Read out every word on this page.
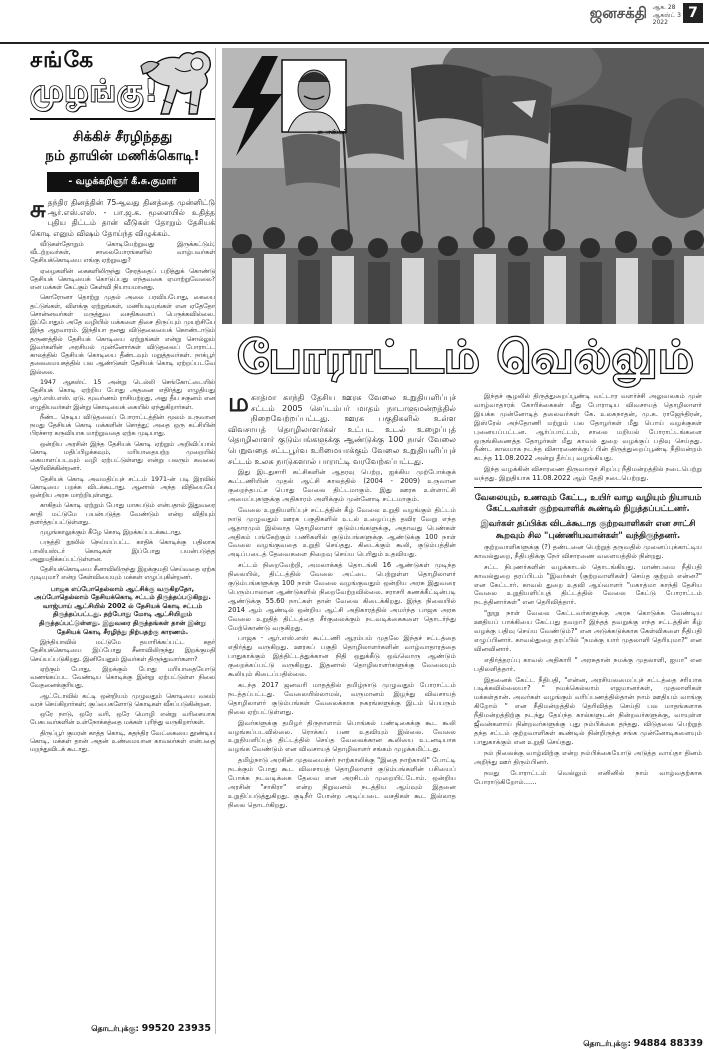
ஜனசக்தி ஆக. 28
ஆகஸ்ட் 3
2022
7
சங்கே
முழங்கு!
சிக்கிச் சீரழிந்தது
நம் தாயின் மணிக்கொடி!
- வழக்கறிஞர் கீ.சு.குமார்

சுதந்திர தினத்தின் 75ஆவது தினத்தை முன்னிட்டு ஆர்.எஸ்.எஸ். - பா.ஜ.க. மூளையில் உதித்த புதிய திட்டம் தான் வீடுகள் தோறும் தேசியக் கொடி எனும் விஷம் தோய்ந்த விழுக்கம்.

வீடுகள்தோறும் கொடியேற்றுவது இருக்கட்டும்; வீடற்றவர்கள், சாலையோரங்களில் வாழ்பவர்கள் தேசியக்கொடியை எங்கு ஏற்றுவது?

ஏழைகளின் கைகளிலிருந்து நேரத்தைப் பறித்துக் கொண்டு தேசியக் கொடியைக் கொடுப்பது எந்தவகை ஏமாற்றுவேலை? என மக்கள் கேட்கும் கேள்வி நியாயமானது.

கொரோனா தொற்று முதல் அலை பரவியபோது, கையை தட்டுங்கள், விளக்கு ஏற்றுங்கள், மணியடியுங்கள் என ஏதேதோ சொன்னவர்கள் மருத்துவ வசதிகளைப் பெருக்கவில்லை. இப்போதும் அதே வழியில் மக்களை திசை திருப்பும் முயற்சியே இந்த ஆரவாரம். இந்தியா தனது விடுதலையைக் கொண்டாடும் தருணத்தில் தேசியக் கொடியை ஏற்றுங்கள் என்று சொல்லும் இவர்களின் அரசியல் முன்னோர்கள் விடுதலைப் போராட்ட காலத்தில் தேசியக் கொடியை தீண்டவும் மறுத்தவர்கள். நாக்பூர் தலைமையகத்தில் பல ஆண்டுகள் தேசியக் கொடி ஏற்றப்படவே இல்லை.

1947 ஆகஸ்ட் 15 அன்று டெல்லி செங்கோட்டையில் தேசியக் கொடி ஏற்றிய போது அதனை எதிர்த்து எழுதியது ஆர்.எஸ்.எஸ். ஏடு. மூவர்ணம் ராசியற்றது, அது தீய சகுனம் என எழுதியவர்கள் இன்று கொடியைக் கையில் ஏந்துகிறார்கள்.

நீண்ட நெடிய விடுதலைப் போராட்டத்தின் மூலம் உருவான நமது தேசியக் கொடி மக்களின் சொத்து; அதை ஒரு கட்சியின் பிரச்சார கருவியாக மாற்றுவதை ஏற்க முடியாது.

ஒன்றிய அரசின் இந்த தேசியக் கொடி ஏற்றும் அறிவிப்பால் கொடி மதிப்பிழக்கவும், மரியாதையற்ற முறையில் கையாளப்படவும் வழி ஏற்பட்டுள்ளது என்று பலரும் கவலை தெரிவிக்கின்றனர்.

தேசியக் கொடி அவமதிப்புச் சட்டம் 1971-ன் படி இரவில் கொடியை பறக்க விடக்கூடாது. ஆனால் அந்த விதியையே ஒன்றிய அரசு மாற்றியுள்ளது.

காகிதம் கொடி ஏற்றும் போது மாசுபடும் என்பதால் இதுவரை காதி மட்டுமே பயன்படுத்த வேண்டும் என்ற விதியும் தளர்த்தப்பட்டுள்ளது.

முழங்காலுக்கும் கீழே கொடி இறக்கப்படக்கூடாது.

பருத்தி நூலில் நெய்யப்பட்ட காதிக் கொடிக்கு பதிலாக பாலியஸ்டர் கொடிகள் இப்போது பயன்படுத்த அனுமதிக்கப்பட்டுள்ளன.

தேசியக்கொடியை சீனாவிலிருந்து இறக்குமதி செய்வதை ஏற்க முடியுமா? என்ற கேள்வியையும் மக்கள் எழுப்புகின்றனர்.

பாஜக எப்போதெல்லாம் ஆட்சிக்கு வருகிறதோ, அப்போதெல்லாம் தேசியக்கொடி சட்டம் திருத்தப்படுகிறது. வாஜ்பாய் ஆட்சியில் 2002 ல் தேசியக் கொடி சட்டம் திருத்தப்பட்டது. தற்போது மோடி ஆட்சியிலும் திருத்தப்பட்டுள்ளது. இதுவரை திருத்தங்கள் தான் இன்று தேசியக் கொடி சீரழிந்து நிற்பதற்கு காரணம்.

இந்தியாவில் மட்டுமே தயாரிக்கப்பட்ட கதர் தேசியக்கொடியை இப்போது சீனாவிலிருந்து இறக்குமதி செய்யப்படுகிறது. இனியேனும் இவர்கள் திருந்துவார்களா?

ஏற்கும் போது, இறக்கும் போது மரியாதையோடு வணங்கப்பட வேண்டிய கொடிக்கு இன்று ஏற்பட்டுள்ள நிலை வேதனைக்குரியது.

ஆட்டோவில் கட்டி ஒன்றியம் முழுவதும் கொடியை வலம் வரச் செய்கிறார்கள்; குப்பைகளோடு கொடிகள் வீசப்படுகின்றன.

ஒரே நாடு, ஒரே வரி, ஒரே மொழி என்று வரிசையாக பேசுபவர்களின் உள்நோக்கத்தை மக்கள் புரிந்து வருகிறார்கள்.

திருப்பூர் குமரன் காத்த கொடி, சுதந்திர வேட்கையை தூண்டிய கொடி, மக்கள் தான் அதன் உண்மையான காவலர்கள் என்பதை மறந்துவிடக் கூடாது.

தொடர்புக்கு: 99520 23935
- சுபாஸ்கர்
போராட்டம் வெல்லும்

மகாத்மா காந்தி தேசிய ஊரக வேலை உறுதியளிப்புச் சட்டம் 2005 செப்டம்பர் மாதம் நாடாளுமன்றத்தில் நிறைவேற்றப்பட்டது. ஊரக பகுதிகளில் உள்ள விவசாயத் தொழிலாளர்கள் உட்பட உடல் உழைப்புத் தொழிலாளர் குடும்பங்களுக்கு ஆண்டுக்கு 100 நாள் வேலை பெறுவதை சட்டபூர்வ உரிமையாக்கும் வேலை உறுதியளிப்புச் சட்டம் உலக நாடுகளால் பாராட்டி வரவேற்கப்பட்டது.

இது இடதுசாரி கட்சிகளின் ஆதரவு பெற்ற, ஐக்கிய முற்போக்குக் கூட்டணியின் முதல் ஆட்சி காலத்தில் (2004 - 2009) உருவான குறைந்தபட்ச பொது வேலை திட்டமாகும். இது ஊரக உள்ளாட்சி அமைப்புகளுக்கு அதிகாரம் அளிக்கும் முன்னோடி சட்டமாகும்.

வேலை உறுதியளிப்புச் சட்டத்தின் கீழ் வேலை உறுதி வழங்கும் திட்டம் நாடு முழுவதும் ஊரக பகுதிகளில் உடல் உழைப்புத் தவிர வேறு எந்த ஆதாரமும் இல்லாத தொழிலாளர் குடும்பங்களுக்கு, அதாவது பெண்கள் அதிகம் பங்கேற்கும் பணிகளில் குடும்பங்களுக்கு ஆண்டுக்கு 100 நாள் வேலை வழங்குவதை உறுதி செய்தது. கிடைக்கும் கூலி, குடும்பத்தின் அடிப்படைத் தேவைகளை நிறைவு செய்ய பெரிதும் உதவியது.

சட்டம் நிறைவேற்றி, அமலாக்கத் தொடங்கி 16 ஆண்டுகள் முடிந்த நிலையில், திட்டத்தில் வேலை அட்டை பெற்றுள்ள தொழிலாளர் குடும்பங்களுக்கு 100 நாள் வேலை வழங்குவதும் ஒன்றிய அரசு இதுவரை பெரும்பாலான ஆண்டுகளில் நிறைவேற்றவில்லை. சராசரி கணக்கீட்டின்படி ஆண்டுக்கு 55.60 நாட்கள் தான் வேலை கிடைக்கிறது. இந்த நிலையில் 2014 ஆம் ஆண்டில் ஒன்றிய ஆட்சி அதிகாரத்தில் அமர்ந்த பாஜக அரசு வேலை உறுதித் திட்டத்தை சீர்குலைக்கும் நடவடிக்கைகளை தொடர்ந்து மேற்கொண்டு வருகிறது.

பாஜக - ஆர்.எஸ்.எஸ் கூட்டணி ஆரம்பம் முதலே இந்தச் சட்டத்தை எதிர்த்து வருகிறது. ஊரகப் பகுதி தொழிலாளர்களின் வாழ்வாதாரத்தை பாதுகாக்கும் இத்திட்டத்துக்கான நிதி ஒதுக்கீடு ஒவ்வொரு ஆண்டும் குறைக்கப்பட்டு வருகிறது. இதனால் தொழிலாளர்களுக்கு வேலையும் கூலியும் கிடைப்பதில்லை.

கடந்த 2017 ஜனவரி மாதத்தில் தமிழ்நாடு முழுவதும் போராட்டம் நடத்தப்பட்டது. வேலையில்லாமல், வருமானம் இழந்து விவசாயத் தொழிலாளர் குடும்பங்கள் வேலைக்காக நகரங்களுக்கு இடம் பெயரும் நிலை ஏற்பட்டுள்ளது.

இவர்களுக்கு தமிழர் திருநாளாம் பொங்கல் பண்டிகைக்கு கூட கூலி வழங்கப்படவில்லை. ரொக்கப் பண உதவியும் இல்லை. வேலை உறுதியளிப்புத் திட்டத்தில் செய்த வேலைக்கான கூலியை உடனடியாக வழங்க வேண்டும் என விவசாயத் தொழிலாளர் சங்கம் முழக்கமிட்டது.

தமிழ்நாடு அரசின் முதலமைச்சர் நாற்காலிக்கு "இதை நாற்காலி" போட்டி நடக்கும் போது கூட விவசாயத் தொழிலாளர் குடும்பங்களின் பசியைப் போக்க நடவடிக்கை தேவை என அரசிடம் முறையிட்டோம். ஒன்றிய அரசின் "சாகிரா" என்ற நிறுவனம் நடத்திய ஆய்வும் இதனை உறுதிப்படுத்துகிறது. குடிநீர் போன்ற அடிப்படை வசதிகள் கூட இல்லாத நிலை தொடர்கிறது.

இந்தச் சூழலில் திருத்துறைப்பூண்டி வட்டார வளர்ச்சி அலுவலகம் முன் வாழ்வாதாரக் கோரிக்கைகள் மீது போராடிய விவசாயத் தொழிலாளர் இயக்க முன்னோடித் தலைவர்கள் கே. உலகநாதன், மு.க. ராஜேந்திரன், இஸ்ரேல் அந்தோணி மற்றும் பல தோழர்கள் மீது பொய் வழக்குகள் புனையப்பட்டன. ஆர்ப்பாட்டம், சாலை மறியல் போராட்டங்களை ஒருங்கிணைத்த தோழர்கள் மீது காவல் துறை வழக்குப் பதிவு செய்தது. நீண்ட காலமாக நடந்த விசாரணைக்குப் பின் திருத்துறைப்பூண்டி நீதிமன்றம் கடந்த 11.08.2022 அன்று தீர்ப்பு வழங்கியது.

இந்த வழக்கின் விசாரணை திருவாரூர் சிறப்பு நீதிமன்றத்தில் நடைபெற்று வந்தது. இறுதியாக 11.08.2022 ஆம் தேதி நடைபெற்றது.

வேலையும், உணவும் கேட்ட, உயிர் வாழ வழியும் நியாயம் கேட்டவர்கள் குற்றவாளிக் கூண்டில் நிறுத்தப்பட்டனர்.

இவர்கள் தப்பிக்க விடக்கூடாத குற்றவாளிகள் என சாட்சி கூறவும் சில "புண்ணியவான்கள்" வந்திருந்தனர்.

குற்றவாளிகளுக்கு (?) தண்டனை பெற்றுத் தருவதில் முனைப்புக்காட்டிய காவல்துறை, நீதிபதிக்கு நேர் விசாரணை வளையத்தில் நின்றது.

சட்ட நிபுணர்களின் வழக்காடல் தொடங்கியது. மாண்பமை நீதிபதி காவல்துறை தரப்பிடம் "இவர்கள் (குற்றவாளிகள்) செய்த குற்றம் என்ன?" என கேட்டார். காவல் துறை உதவி ஆய்வாளர் "மகாத்மா காந்தி தேசிய வேலை உறுதியளிப்புத் திட்டத்தில் வேலை கேட்டு போராட்டம் நடத்தினார்கள்" என தெரிவித்தார்.

"நூறு நாள் வேலை கேட்டவர்களுக்கு அரசு கொடுக்க வேண்டிய ஊதியப் பாக்கியை கேட்பது தவறா? இந்தத் தவறுக்கு எந்த சட்டத்தின் கீழ் வழக்கு பதிவு செய்ய வேண்டும்?" என அடுக்கடுக்காக கேள்விகளை நீதிபதி எழுப்பினார். காவல்துறை தரப்பில் "நமக்கு யார் முதலாளி தெரியுமா?" என வினவினார்.

எதிர்த்தரப்பு காவல் அதிகாரி " அரசுதான் நமக்கு முதலாளி, ஐயா" என பதிலளித்தார்.

இதனைக் கேட்ட நீதிபதி, "என்ன, அரசியலமைப்புச் சட்டத்தை சரியாக படிக்கவில்லையா? " நமக்கெல்லாம் எஜமானர்கள், முதலாளிகள் மக்கள்தான். அவர்கள் வழங்கும் வரிப்பணத்தில்தான் நாம் ஊதியம் வாங்கு கிறோம் " என நீதிமன்றத்தில் தெரிவித்த செய்தி பல மாதங்களாக நீதிமன்றத்திற்கு நடந்து தேய்ந்த கால்களுடன் நின்றவர்களுக்கு, வாயுள்ள ஜீவன்களாய் நின்றவர்களுக்கு புது நம்பிக்கை தந்தது. விடுதலை பெற்றுத் தந்த சட்டம் குற்றவாளிகள் கூண்டில் நின்றிருந்த சங்க முன்னோடிகளையும் பாதுகாக்கும் என உறுதி செய்தது.

நம் நிலைக்கு வாழ்விற்கு என்ற நம்பிக்கையோடு அடுத்த வாய்தா தினம் அறிந்து ஊர் திரும்பினர்.

நமது போராட்டம் வெல்லும் எனினில் நாம் வாழ்வதற்காக போராடுகிறோம்......

தொடர்புக்கு: 94884 88339
